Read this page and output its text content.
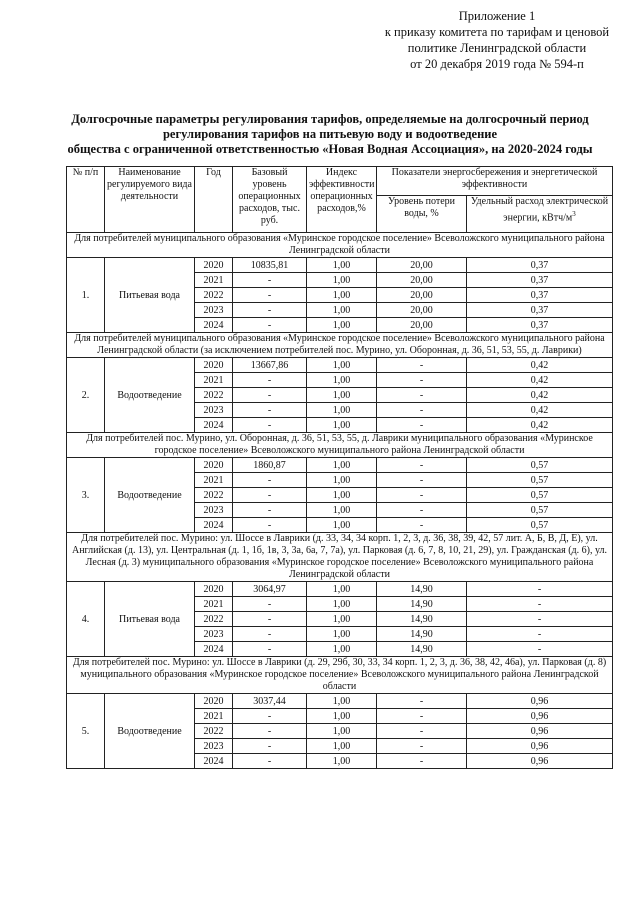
Приложение 1
к приказу комитета по тарифам и ценовой
политике Ленинградской области
от 20 декабря 2019 года № 594-п
Долгосрочные параметры регулирования тарифов, определяемые на долгосрочный период
регулирования тарифов на питьевую воду и водоотведение
общества с ограниченной ответственностью «Новая Водная Ассоциация», на 2020-2024 годы
№ п/п	Наименование регулируемого вида деятельности	Год	Базовый уровень операционных расходов, тыс. руб.	Индекс эффективности операционных расходов,%	Показатели энергосбережения и энергетической эффективности	
					Уровень потери воды, %	Удельный расход электрической энергии, кВтч/$м^3$
Для потребителей муниципального образования «Муринское городское поселение» Всеволожского муниципального района Ленинградской области						
1.	Питьевая вода	2020	10835,81	1,00	20,00	0,37
		2021	-	1,00	20,00	0,37
		2022	-	1,00	20,00	0,37
		2023	-	1,00	20,00	0,37
		2024	-	1,00	20,00	0,37
Для потребителей муниципального образования «Муринское городское поселение» Всеволожского муниципального района Ленинградской области (за исключением потребителей пос. Мурино, ул. Оборонная, д. 36, 51, 53, 55, д. Лаврики)						
2.	Водоотведение	2020	13667,86	1,00	-	0,42
		2021	-	1,00	-	0,42
		2022	-	1,00	-	0,42
		2023	-	1,00	-	0,42
		2024	-	1,00	-	0,42
Для потребителей пос. Мурино, ул. Оборонная, д. 36, 51, 53, 55, д. Лаврики муниципального образования «Муринское городское поселение» Всеволожского муниципального района Ленинградской области						
3.	Водоотведение	2020	1860,87	1,00	-	0,57
		2021	-	1,00	-	0,57
		2022	-	1,00	-	0,57
		2023	-	1,00	-	0,57
		2024	-	1,00	-	0,57
Для потребителей пос. Мурино: ул. Шоссе в Лаврики (д. 33, 34, 34 корп. 1, 2, 3, д. 36, 38, 39, 42, 57 лит. А, Б, В, Д, Е), ул. Английская (д. 13), ул. Центральная (д. 1, 1б, 1в, 3, 3а, 6а, 7, 7а), ул. Парковая (д. 6, 7, 8, 10, 21, 29), ул. Гражданская (д. 6), ул. Лесная (д. 3) муниципального образования «Муринское городское поселение» Всеволожского муниципального района Ленинградской области						
4.	Питьевая вода	2020	3064,97	1,00	14,90	-
		2021	-	1,00	14,90	-
		2022	-	1,00	14,90	-
		2023	-	1,00	14,90	-
		2024	-	1,00	14,90	-
Для потребителей пос. Мурино: ул. Шоссе в Лаврики (д. 29, 29б, 30, 33, 34 корп. 1, 2, 3, д. 36, 38, 42, 46а), ул. Парковая (д. 8) муниципального образования «Муринское городское поселение» Всеволожского муниципального района Ленинградской области						
5.	Водоотведение	2020	3037,44	1,00	-	0,96
		2021	-	1,00	-	0,96
		2022	-	1,00	-	0,96
		2023	-	1,00	-	0,96
		2024	-	1,00	-	0,96
